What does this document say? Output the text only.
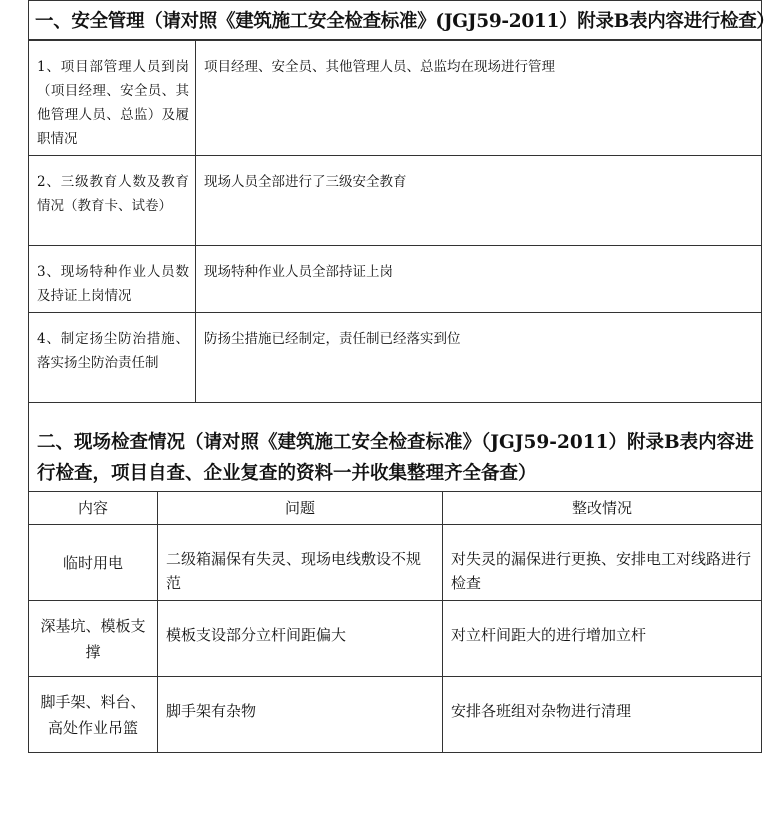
一、安全管理（请对照《建筑施工安全检查标准》(JGJ59-2011）附录B表内容进行检查）
1、项目部管理人员到岗（项目经理、安全员、其他管理人员、总监）及履职情况	项目经理、安全员、其他管理人员、总监均在现场进行管理
2、三级教育人数及教育情况（教育卡、试卷）	现场人员全部进行了三级安全教育
3、现场特种作业人员数及持证上岗情况	现场特种作业人员全部持证上岗
4、制定扬尘防治措施、落实扬尘防治责任制	防扬尘措施已经制定，责任制已经落实到位
二、现场检查情况（请对照《建筑施工安全检查标准》（JGJ59-2011）附录B表内容进行检查，项目自查、企业复查的资料一并收集整理齐全备查）
内容	问题	整改情况
临时用电	二级箱漏保有失灵、现场电线敷设不规范	对失灵的漏保进行更换、安排电工对线路进行检查
深基坑、模板支撑	模板支设部分立杆间距偏大	对立杆间距大的进行增加立杆
脚手架、料台、高处作业吊篮	脚手架有杂物	安排各班组对杂物进行清理
